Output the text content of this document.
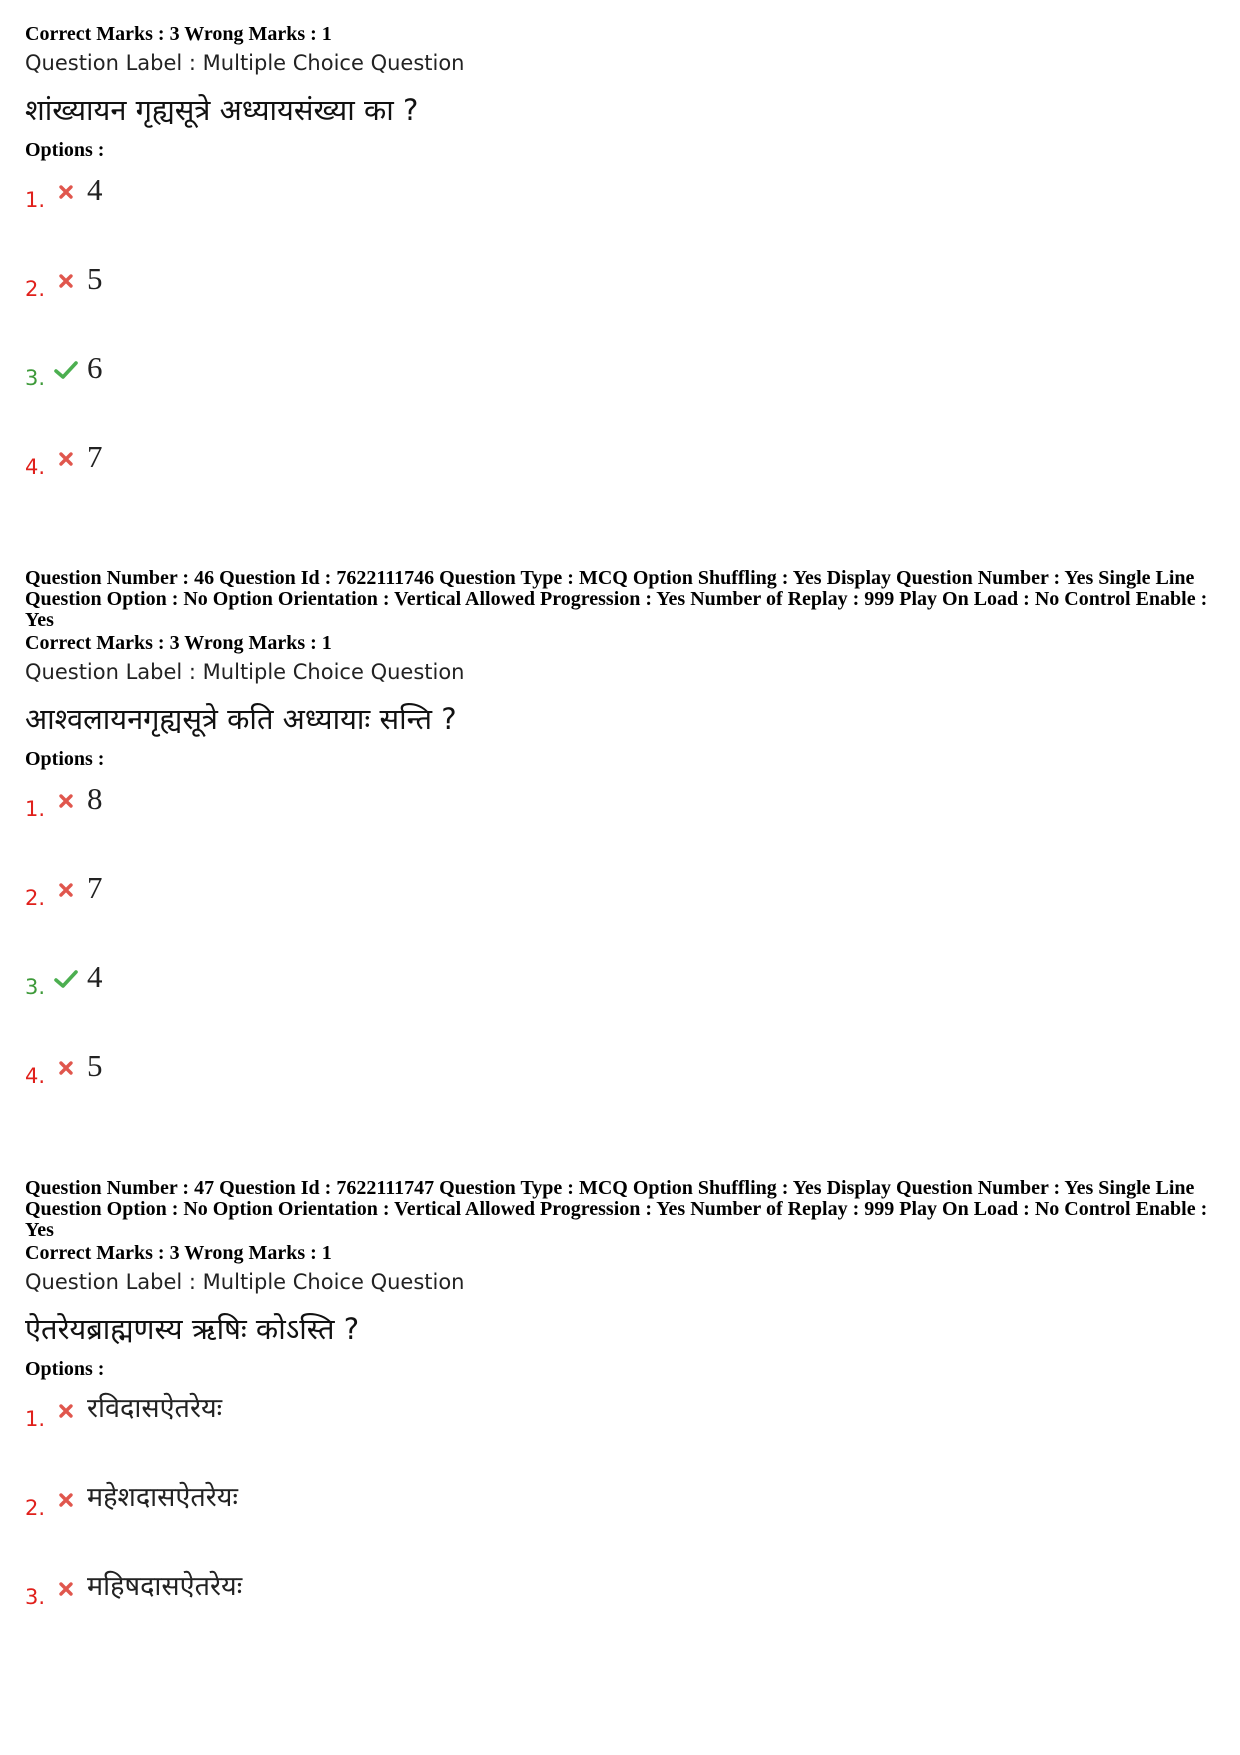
Correct Marks : 3 Wrong Marks : 1
Question Label : Multiple Choice Question
शांख्यायन गृह्यसूत्रे अध्यायसंख्या का ?
Options :
1. 4
2. 5
3. 6
4. 7
Question Number : 46 Question Id : 7622111746 Question Type : MCQ Option Shuffling : Yes Display Question Number : Yes Single Line Question Option : No Option Orientation : Vertical Allowed Progression : Yes Number of Replay : 999 Play On Load : No Control Enable : Yes
Correct Marks : 3 Wrong Marks : 1
Question Label : Multiple Choice Question
आश्वलायनगृह्यसूत्रे कति अध्यायाः सन्ति ?
Options :
1. 8
2. 7
3. 4
4. 5
Question Number : 47 Question Id : 7622111747 Question Type : MCQ Option Shuffling : Yes Display Question Number : Yes Single Line Question Option : No Option Orientation : Vertical Allowed Progression : Yes Number of Replay : 999 Play On Load : No Control Enable : Yes
Correct Marks : 3 Wrong Marks : 1
Question Label : Multiple Choice Question
ऐतरेयब्राह्मणस्य ऋषिः कोऽस्ति ?
Options :
1. रविदासऐतरेयः
2. महेशदासऐतरेयः
3. महिषदासऐतरेयः
